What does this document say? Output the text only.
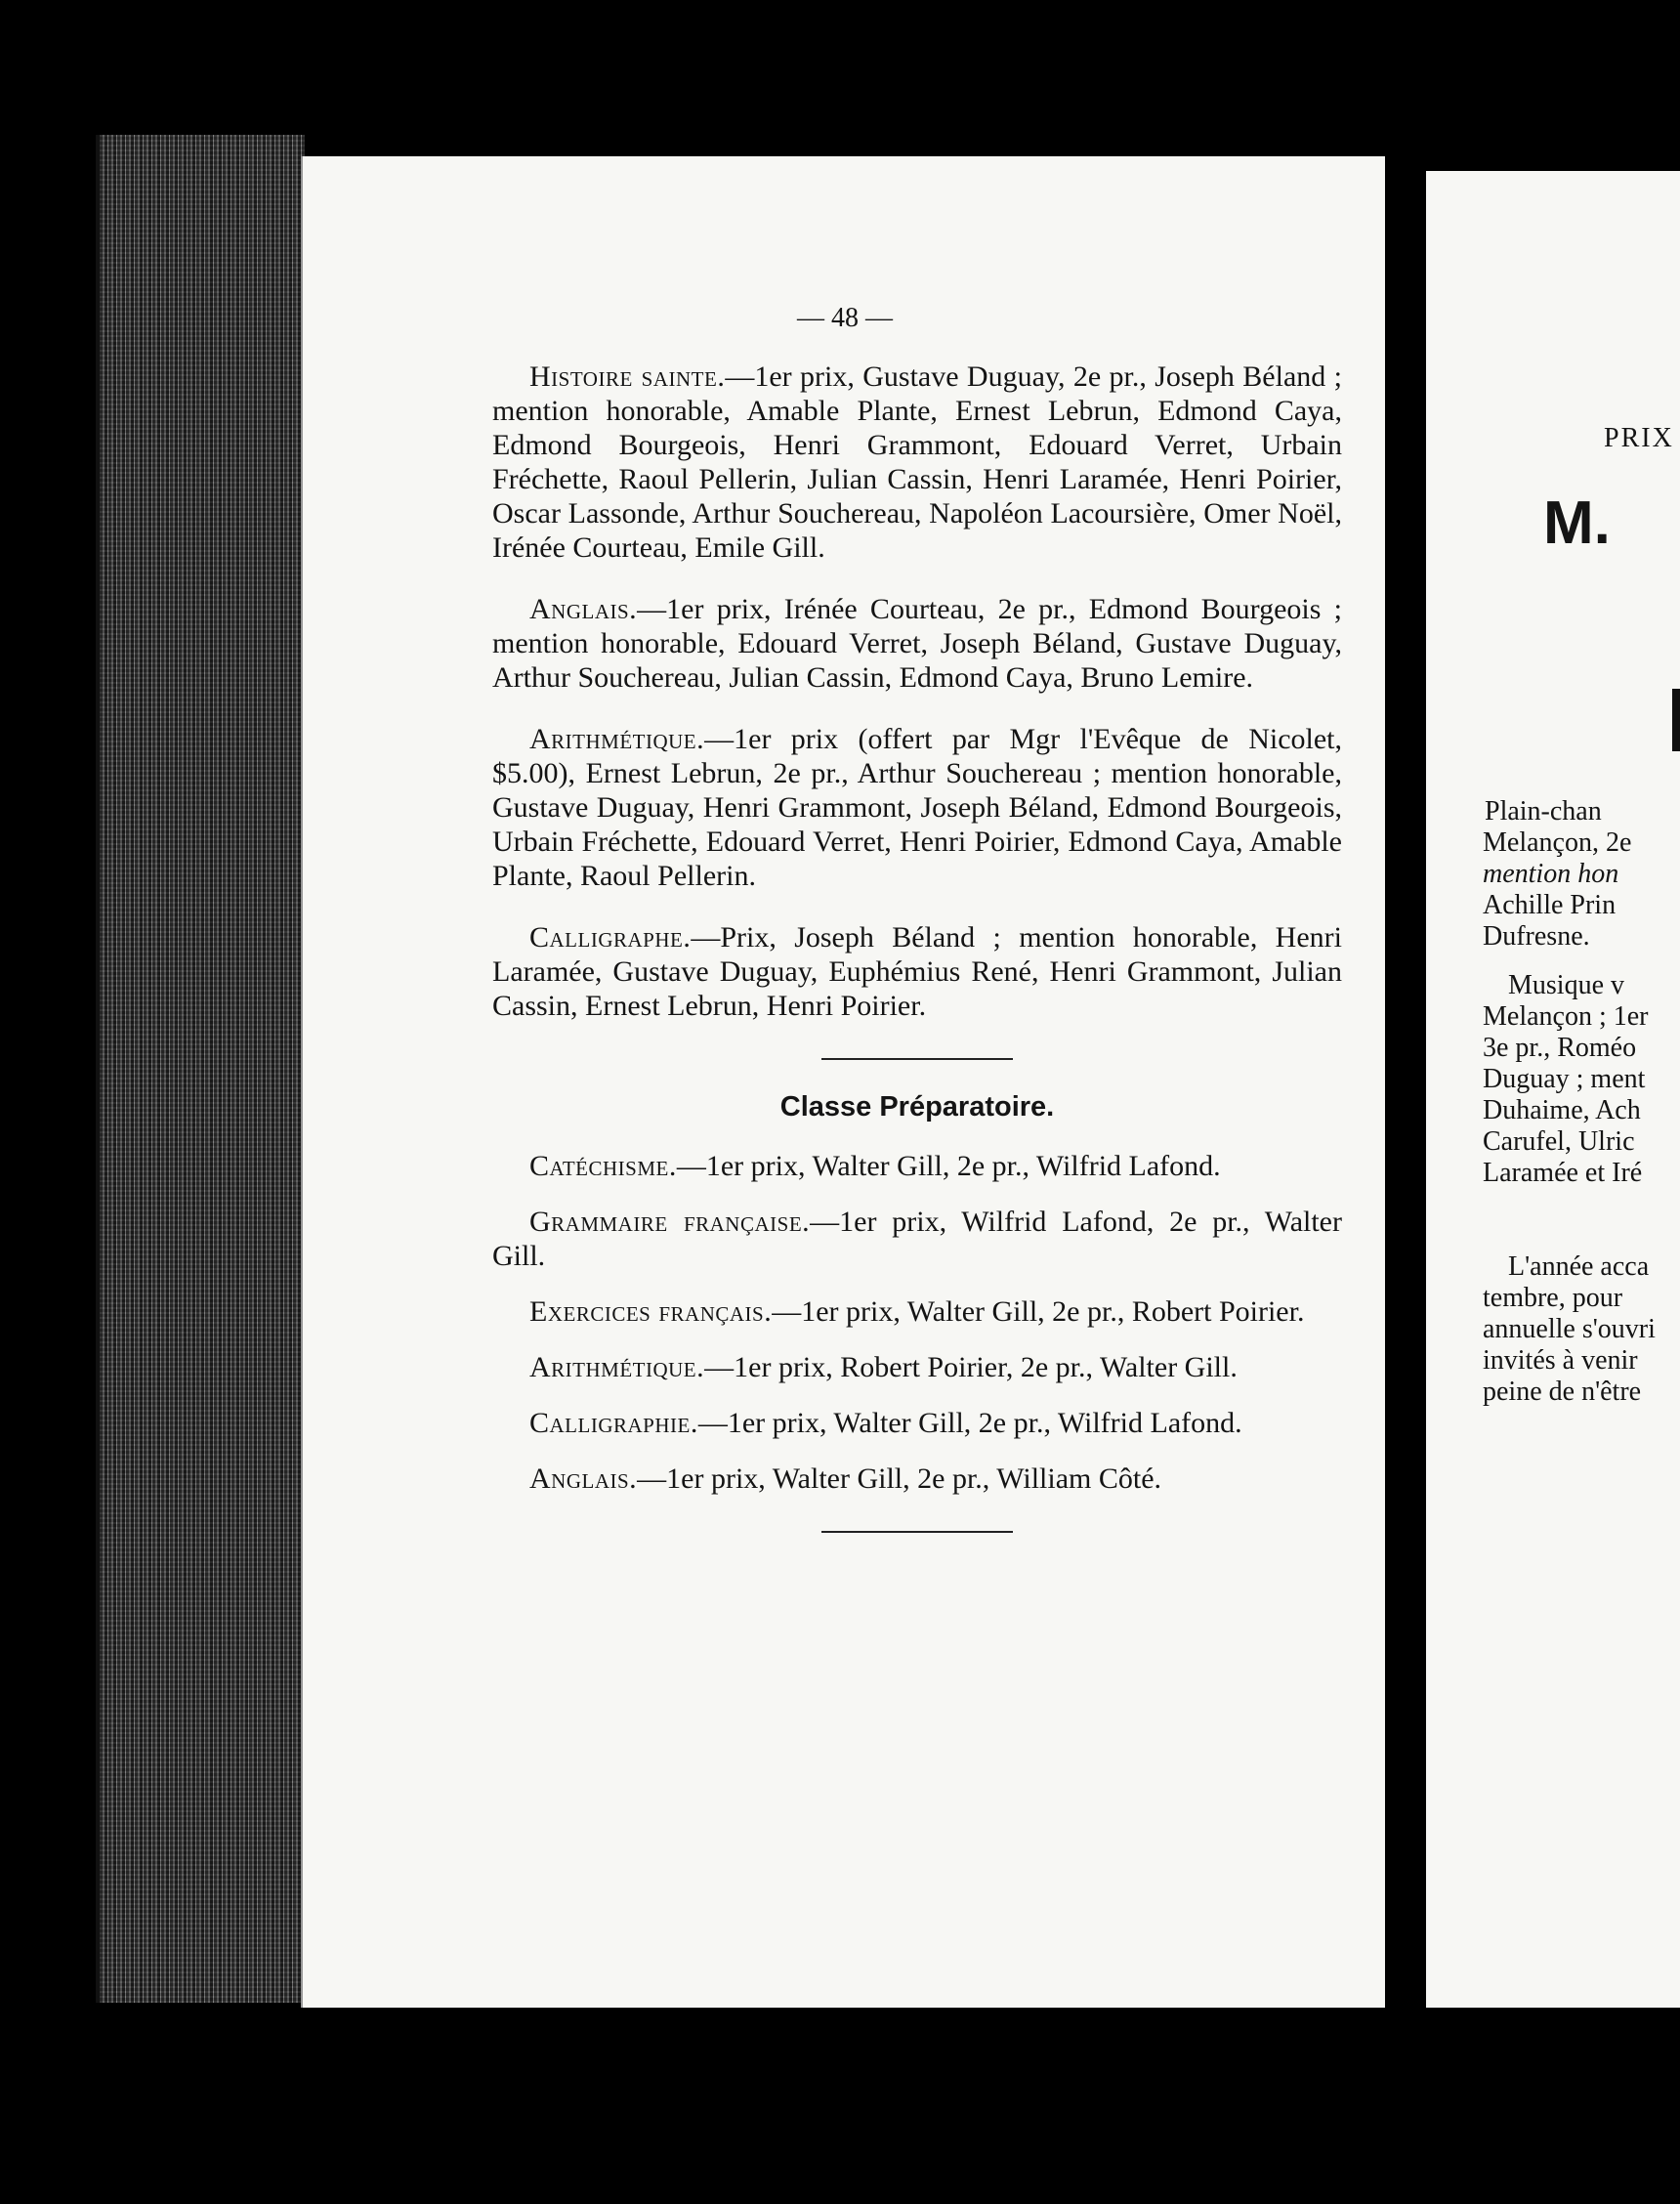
— 48 —

Histoire sainte.—1er prix, Gustave Duguay, 2e pr., Joseph Béland ; mention honorable, Amable Plante, Ernest Lebrun, Edmond Caya, Edmond Bourgeois, Henri Grammont, Edouard Verret, Urbain Fréchette, Raoul Pellerin, Julian Cassin, Henri Laramée, Henri Poirier, Oscar Lassonde, Arthur Souchereau, Napoléon Lacoursière, Omer Noël, Irénée Courteau, Emile Gill.

Anglais.—1er prix, Irénée Courteau, 2e pr., Edmond Bourgeois ; mention honorable, Edouard Verret, Joseph Béland, Gustave Duguay, Arthur Souchereau, Julian Cassin, Edmond Caya, Bruno Lemire.

Arithmétique.—1er prix (offert par Mgr l'Evêque de Nicolet, $5.00), Ernest Lebrun, 2e pr., Arthur Souchereau ; mention honorable, Gustave Duguay, Henri Grammont, Joseph Béland, Edmond Bourgeois, Urbain Fréchette, Edouard Verret, Henri Poirier, Edmond Caya, Amable Plante, Raoul Pellerin.

Calligraphe.—Prix, Joseph Béland ; mention honorable, Henri Laramée, Gustave Duguay, Euphémius René, Henri Grammont, Julian Cassin, Ernest Lebrun, Henri Poirier.

Classe Préparatoire.

Catéchisme.—1er prix, Walter Gill, 2e pr., Wilfrid Lafond.

Grammaire française.—1er prix, Wilfrid Lafond, 2e pr., Walter Gill.

Exercices français.—1er prix, Walter Gill, 2e pr., Robert Poirier.

Arithmétique.—1er prix, Robert Poirier, 2e pr., Walter Gill.

Calligraphie.—1er prix, Walter Gill, 2e pr., Wilfrid Lafond.

Anglais.—1er prix, Walter Gill, 2e pr., William Côté.

PRIX
M.
Plain-chan
Melançon, 2e
mention hon
Achille Prin
Dufresne.
Musique v
Melançon ; 1er
3e pr., Roméo
Duguay ; ment
Duhaime, Ach
Carufel, Ulric
Laramée et Iré
L'année acca
tembre, pour
annuelle s'ouvri
invités à venir
peine de n'être
